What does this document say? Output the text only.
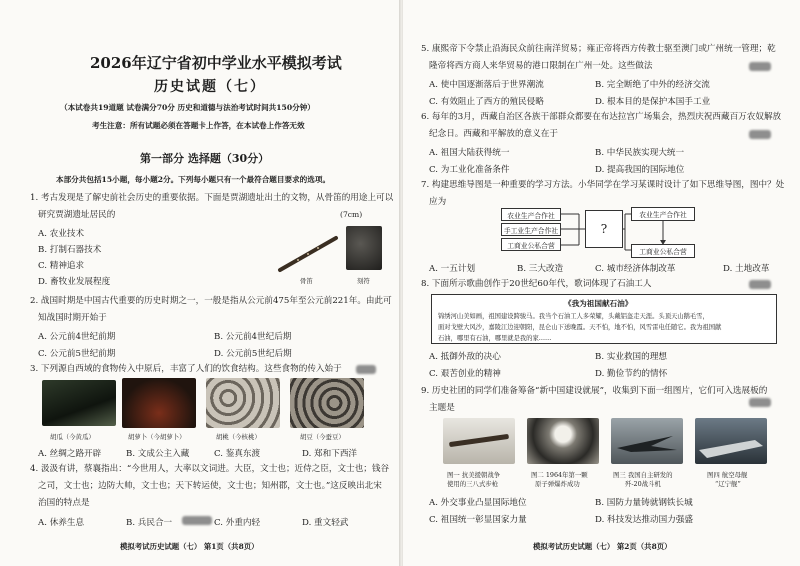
2026年辽宁省初中学业水平模拟考试
历史试题（七）
（本试卷共19道题 试卷满分70分 历史和道德与法治考试时间共150分钟）
考生注意：所有试题必须在答题卡上作答，在本试卷上作答无效
第一部分 选择题（30分）
本部分共包括15小题，每小题2分。下列每小题只有一个最符合题目要求的选项。
1. 考古发现是了解史前社会历史的重要依据。下面是贾湖遗址出土的文物，从骨笛的用途上可以
研究贾湖遗址居民的	(7cm)
A. 农业技术
B. 打制石器技术
C. 精神追求
D. 畜牧业发展程度	骨笛	刻符
2. 战国时期是中国古代重要的历史时期之一，一般是指从公元前475年至公元前221年。由此可
知战国时期开始于
A. 公元前4世纪前期	B. 公元前4世纪后期
C. 公元前5世纪前期	D. 公元前5世纪后期
3. 下列源自西域的食物传入中原后，丰富了人们的饮食结构。这些食物的传入始于
胡瓜（今黄瓜）	胡萝卜（今胡萝卜）	胡桃（今核桃）	胡豆（今蚕豆）
A. 丝绸之路开辟	B. 文成公主入藏	C. 鉴真东渡	D. 郑和下西洋
4. 汲汲有讲，蔡襄指出：“今世用人，大率以文词进。大臣，文士也；近侍之臣，文士也；钱谷
之司，文士也；边防大帅，文士也；天下转运使，文士也；知州郡，文士也。”这反映出北宋
治国的特点是
A. 休养生息	B. 兵民合一	C. 外重内轻	D. 重文轻武
模拟考试历史试题（七） 第1页（共8页）
5. 康熙帝下令禁止沿海民众前往南洋贸易；雍正帝将西方传教士驱至澳门或广州统一管理；乾
隆帝将西方商人来华贸易的港口限制在广州一处。这些做法
A. 使中国逐渐落后于世界潮流	B. 完全断绝了中外的经济交流
C. 有效阻止了西方的殖民侵略	D. 根本目的是保护本国手工业
6. 每年的3月，西藏自治区各族干部群众都要在布达拉宫广场集会，热烈庆祝西藏百万农奴解放
纪念日。西藏和平解放的意义在于
A. 祖国大陆获得统一	B. 中华民族实现大统一
C. 为工业化准备条件	D. 提高我国的国际地位
7. 构建思维导图是一种重要的学习方法。小华同学在学习某课时设计了如下思维导图，图中？处
应为
农业生产合作社
手工业生产合作社
工商业公私合营
?
农业生产合作社
工商业公私合营
A. 一五计划	B. 三大改造	C. 城市经济体制改革	D. 土地改革
8. 下面所示歌曲创作于20世纪60年代，歌词体现了石油工人
《我为祖国献石油》
锦绣河山美如画，祖国建设跨骏马。我当个石油工人多荣耀，头戴铝盔走天涯。头顶天山鹅毛雪，
面对戈壁大风沙，嘉陵江边迎朝阳，昆仑山下送晚霞。天不怕，地不怕，风雪雷电任随它。我为祖国献
石油，哪里有石油，哪里就是我的家……
A. 抵御外敌的决心	B. 实业救国的理想
C. 艰苦创业的精神	D. 勤俭节约的情怀
9. 历史社团的同学们准备筹备“新中国建设就展”，收集到下面一组图片，它们可入选展板的
主题是
图一 抗美援朝战争
使用的三八式步枪
图二 1964年第一颗
原子弹爆炸成功
图三 我国自主研发的
歼-20战斗机
图四 航空母舰
“辽宁舰”
A. 外交事业凸显国际地位	B. 国防力量铸就钢铁长城
C. 祖国统一彰显国家力量	D. 科技发达推动国力强盛
模拟考试历史试题（七） 第2页（共8页）
